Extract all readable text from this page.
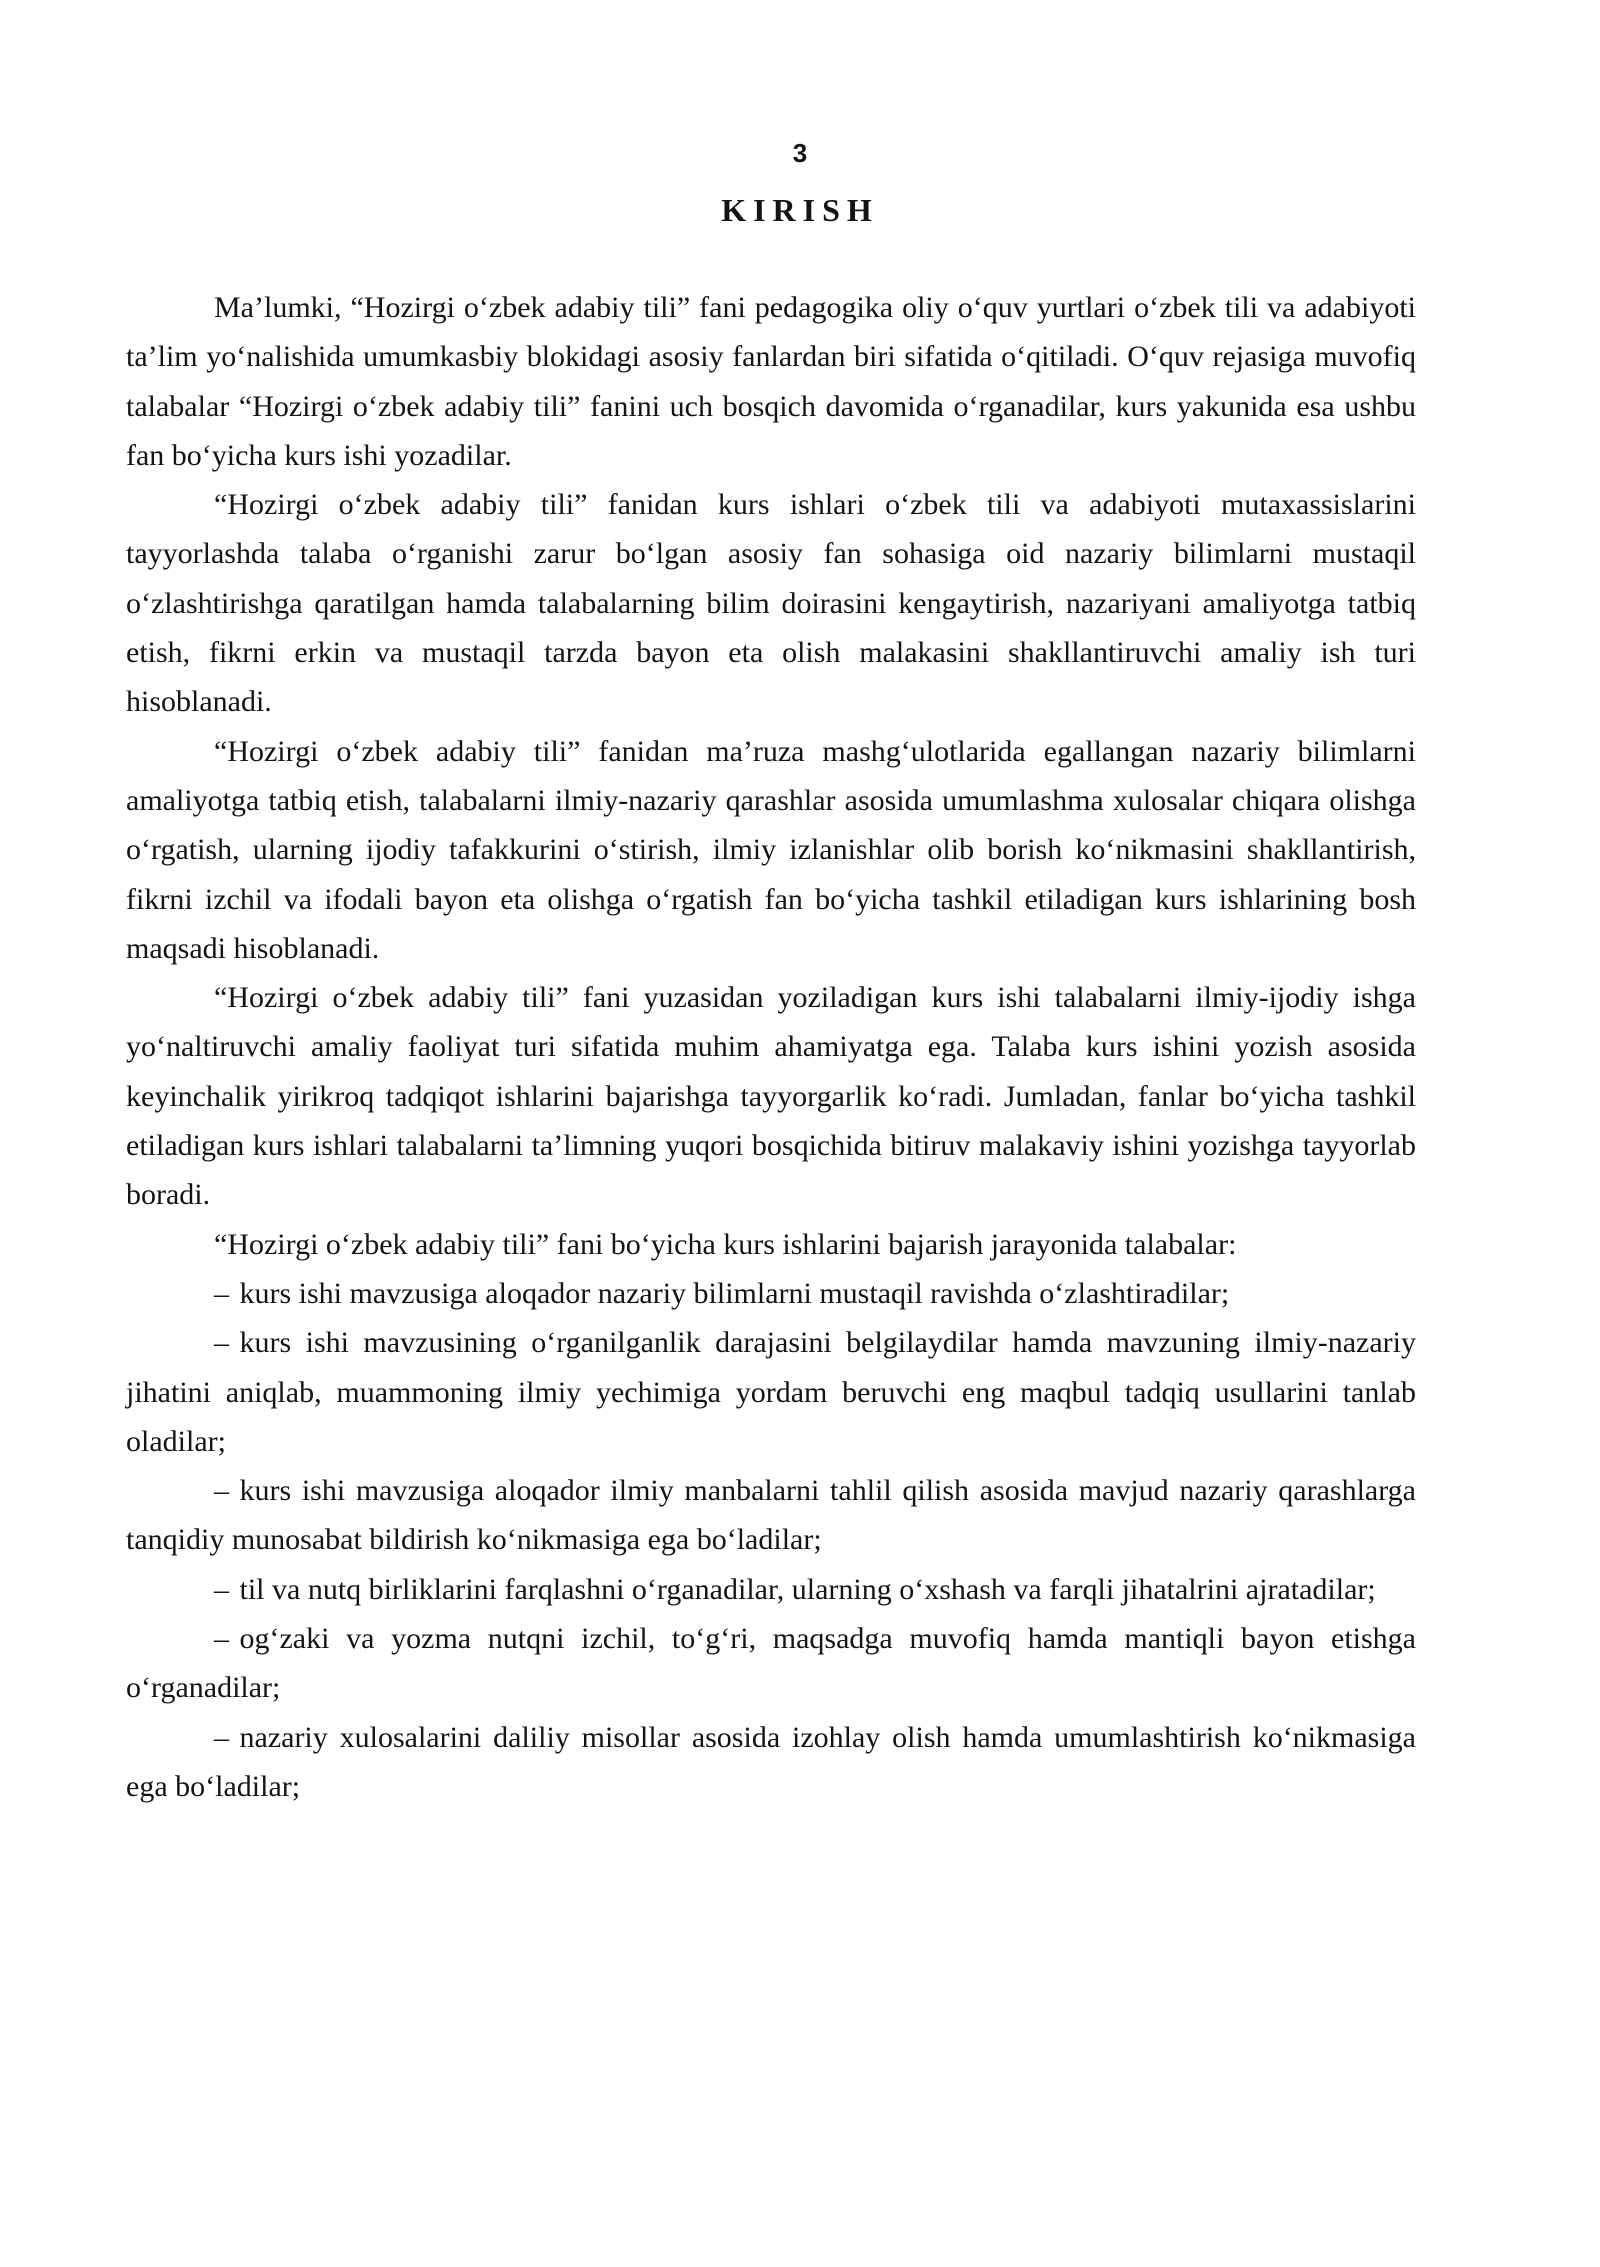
3
KIRISH

Ma’lumki, “Hozirgi o‘zbek adabiy tili” fani pedagogika oliy o‘quv yurtlari o‘zbek tili va adabiyoti ta’lim yo‘nalishida umumkasbiy blokidagi asosiy fanlardan biri sifatida o‘qitiladi. O‘quv rejasiga muvofiq talabalar “Hozirgi o‘zbek adabiy tili” fanini uch bosqich davomida o‘rganadilar, kurs yakunida esa ushbu fan bo‘yicha kurs ishi yozadilar.

“Hozirgi o‘zbek adabiy tili” fanidan kurs ishlari o‘zbek tili va adabiyoti mutaxassislarini tayyorlashda talaba o‘rganishi zarur bo‘lgan asosiy fan sohasiga oid nazariy bilimlarni mustaqil o‘zlashtirishga qaratilgan hamda talabalarning bilim doirasini kengaytirish, nazariyani amaliyotga tatbiq etish, fikrni erkin va mustaqil tarzda bayon eta olish malakasini shakllantiruvchi amaliy ish turi hisoblanadi.

“Hozirgi o‘zbek adabiy tili” fanidan ma’ruza mashg‘ulotlarida egallangan nazariy bilimlarni amaliyotga tatbiq etish, talabalarni ilmiy-nazariy qarashlar asosida umumlashma xulosalar chiqara olishga o‘rgatish, ularning ijodiy tafakkurini o‘stirish, ilmiy izlanishlar olib borish ko‘nikmasini shakllantirish, fikrni izchil va ifodali bayon eta olishga o‘rgatish fan bo‘yicha tashkil etiladigan kurs ishlarining bosh maqsadi hisoblanadi.

“Hozirgi o‘zbek adabiy tili” fani yuzasidan yoziladigan kurs ishi talabalarni ilmiy-ijodiy ishga yo‘naltiruvchi amaliy faoliyat turi sifatida muhim ahamiyatga ega. Talaba kurs ishini yozish asosida keyinchalik yirikroq tadqiqot ishlarini bajarishga tayyorgarlik ko‘radi. Jumladan, fanlar bo‘yicha tashkil etiladigan kurs ishlari talabalarni ta’limning yuqori bosqichida bitiruv malakaviy ishini yozishga tayyorlab boradi.

“Hozirgi o‘zbek adabiy tili” fani bo‘yicha kurs ishlarini bajarish jarayonida talabalar:

– kurs ishi mavzusiga aloqador nazariy bilimlarni mustaqil ravishda o‘zlashtiradilar;
– kurs ishi mavzusining o‘rganilganlik darajasini belgilaydilar hamda mavzuning ilmiy-nazariy jihatini aniqlab, muammoning ilmiy yechimiga yordam beruvchi eng maqbul tadqiq usullarini tanlab oladilar;
– kurs ishi mavzusiga aloqador ilmiy manbalarni tahlil qilish asosida mavjud nazariy qarashlarga tanqidiy munosabat bildirish ko‘nikmasiga ega bo‘ladilar;
– til va nutq birliklarini farqlashni o‘rganadilar, ularning o‘xshash va farqli jihatalrini ajratadilar;
– og‘zaki va yozma nutqni izchil, to‘g‘ri, maqsadga muvofiq hamda mantiqli bayon etishga o‘rganadilar;
– nazariy xulosalarini daliliy misollar asosida izohlay olish hamda umumlashtirish ko‘nikmasiga ega bo‘ladilar;
